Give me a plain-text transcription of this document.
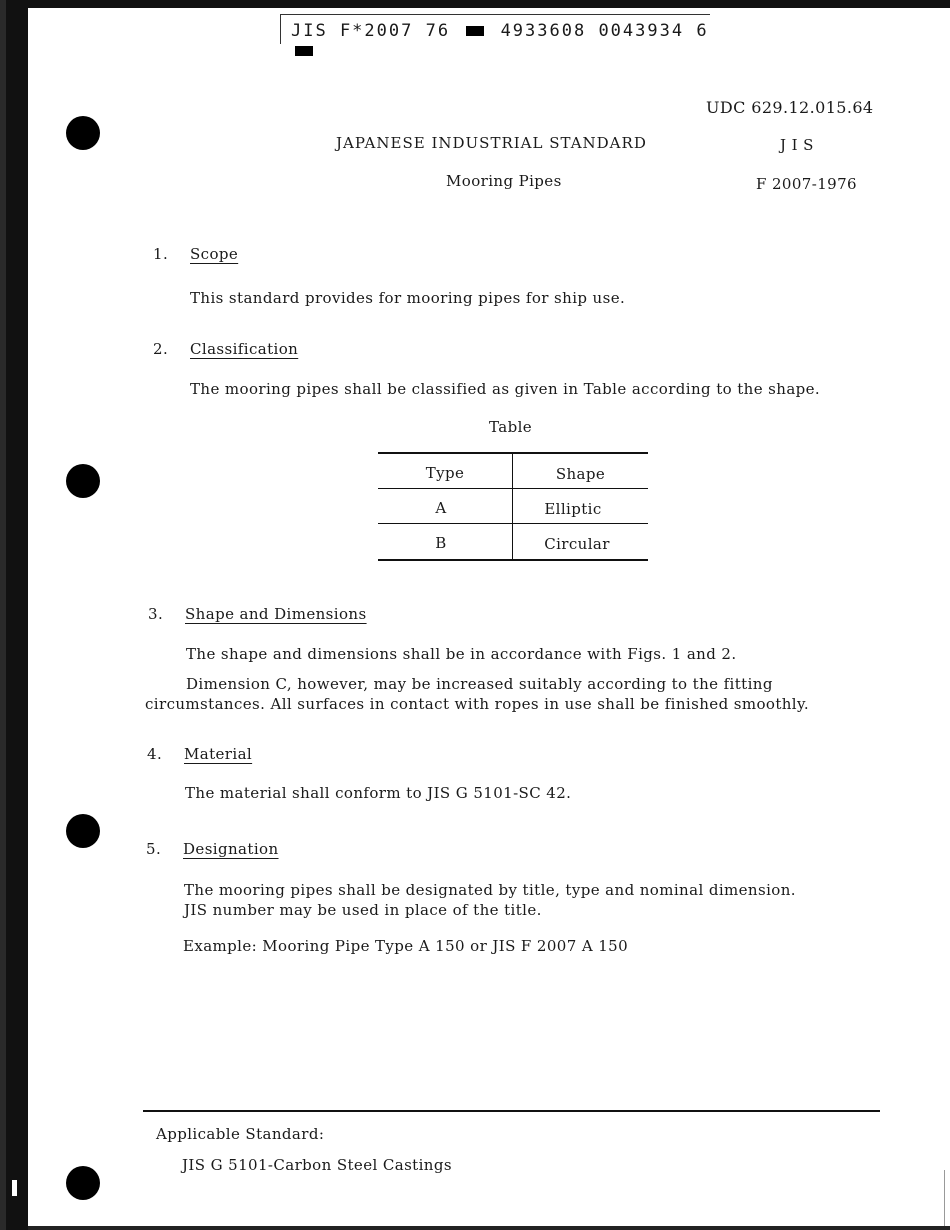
JIS F*2007 76	4933608 0043934 6
UDC 629.12.015.64
JAPANESE INDUSTRIAL STANDARD	J I S
Mooring Pipes	F 2007-1976
1. Scope
This standard provides for mooring pipes for ship use.
2. Classification
The mooring pipes shall be classified as given in Table according to the shape.
Table
Type	Shape
A	Elliptic
B	Circular
3. Shape and Dimensions
The shape and dimensions shall be in accordance with Figs. 1 and 2.
Dimension C, however, may be increased suitably according to the fitting
circumstances. All surfaces in contact with ropes in use shall be finished smoothly.
4. Material
The material shall conform to JIS G 5101-SC 42.
5. Designation
The mooring pipes shall be designated by title, type and nominal dimension.
JIS number may be used in place of the title.
Example: Mooring Pipe Type A 150 or JIS F 2007 A 150
Applicable Standard:
JIS G 5101-Carbon Steel Castings
